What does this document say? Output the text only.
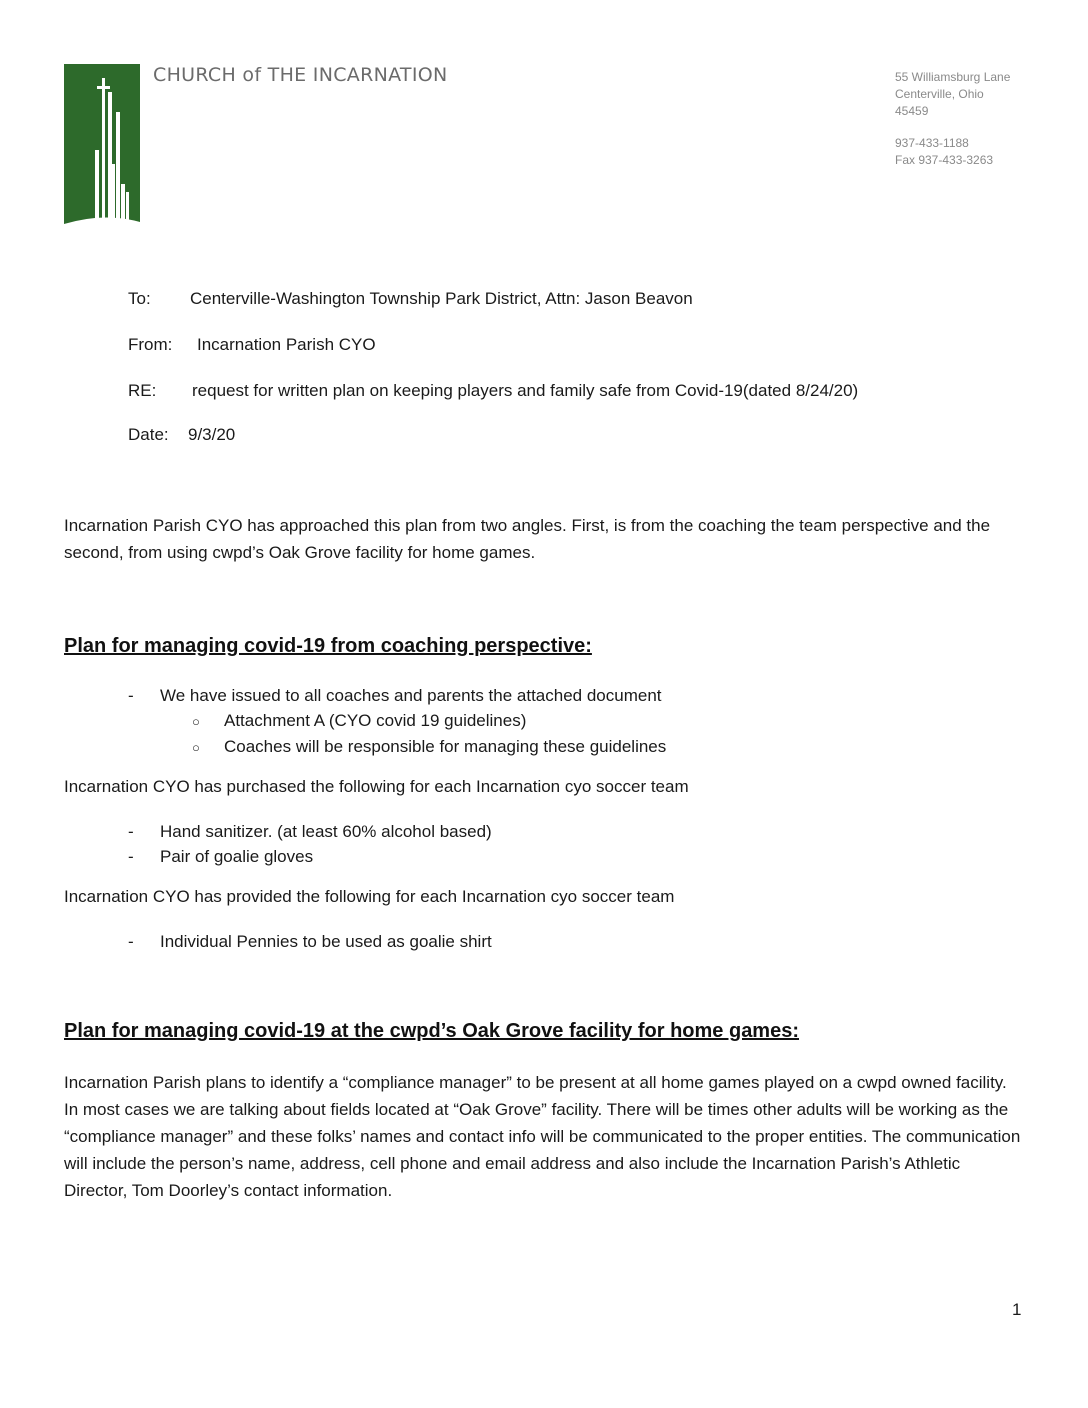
CHURCH of THE INCARNATION	55 Williamsburg Lane
Centerville, Ohio
45459
937-433-1188
Fax 937-433-3263
To: Centerville-Washington Township Park District, Attn: Jason Beavon
From: Incarnation Parish CYO
RE: request for written plan on keeping players and family safe from Covid-19(dated 8/24/20)
Date: 9/3/20

Incarnation Parish CYO has approached this plan from two angles. First, is from the coaching the team perspective and the second, from using cwpd’s Oak Grove facility for home games.

Plan for managing covid-19 from coaching perspective:
- We have issued to all coaches and parents the attached document
○ Attachment A (CYO covid 19 guidelines)
○ Coaches will be responsible for managing these guidelines

Incarnation CYO has purchased the following for each Incarnation cyo soccer team

- Hand sanitizer. (at least 60% alcohol based)
- Pair of goalie gloves

Incarnation CYO has provided the following for each Incarnation cyo soccer team

- Individual Pennies to be used as goalie shirt
Plan for managing covid-19 at the cwpd’s Oak Grove facility for home games:

Incarnation Parish plans to identify a “compliance manager” to be present at all home games played on a cwpd owned facility. In most cases we are talking about fields located at “Oak Grove” facility. There will be times other adults will be working as the “compliance manager” and these folks’ names and contact info will be communicated to the proper entities. The communication will include the person’s name, address, cell phone and email address and also include the Incarnation Parish’s Athletic Director, Tom Doorley’s contact information.

1
